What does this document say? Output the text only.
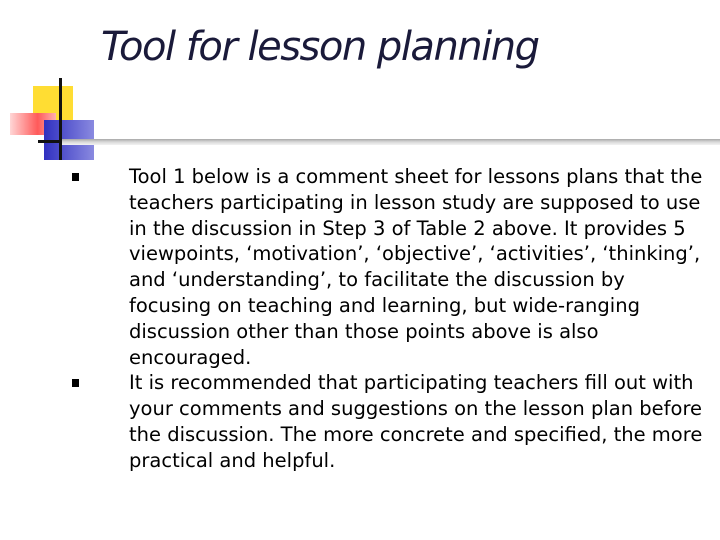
Tool for lesson planning
Tool 1 below is a comment sheet for lessons plans that the teachers participating in lesson study are supposed to use in the discussion in Step 3 of Table 2 above. It provides 5 viewpoints, ‘motivation’, ‘objective’, ‘activities’, ‘thinking’, and ‘understanding’, to facilitate the discussion by focusing on teaching and learning, but wide-ranging discussion other than those points above is also encouraged.
It is recommended that participating teachers fill out with your comments and suggestions on the lesson plan before the discussion. The more concrete and specified, the more practical and helpful.
